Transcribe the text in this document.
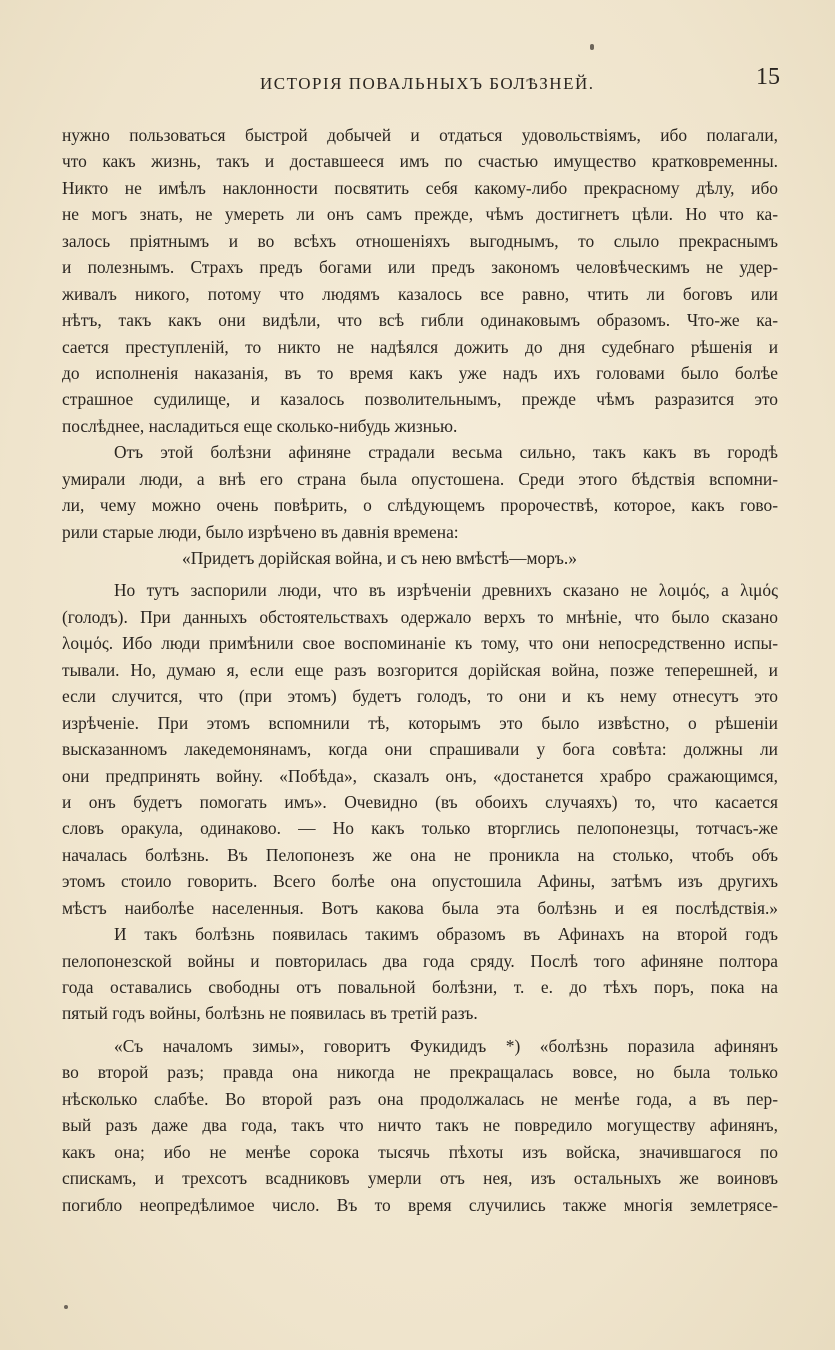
ИСТОРІЯ ПОВАЛЬНЫХЪ БОЛѢЗНЕЙ.	15
нужно пользоваться быстрой добычей и отдаться удовольствіямъ, ибо полагали,
что какъ жизнь, такъ и доставшееся имъ по счастью имущество кратковременны.
Никто не имѣлъ наклонности посвятить себя какому-либо прекрасному дѣлу, ибо
не могъ знать, не умереть ли онъ самъ прежде, чѣмъ достигнетъ цѣли. Но что ка-
залось пріятнымъ и во всѣхъ отношеніяхъ выгоднымъ, то слыло прекраснымъ
и полезнымъ. Страхъ предъ богами или предъ закономъ человѣческимъ не удер-
живалъ никого, потому что людямъ казалось все равно, чтить ли боговъ или
нѣтъ, такъ какъ они видѣли, что всѣ гибли одинаковымъ образомъ. Что-же ка-
сается преступленій, то никто не надѣялся дожить до дня судебнаго рѣшенія и
до исполненія наказанія, въ то время какъ уже надъ ихъ головами было болѣе
страшное судилище, и казалось позволительнымъ, прежде чѣмъ разразится это
послѣднее, насладиться еще сколько-нибудь жизнью.
Отъ этой болѣзни афиняне страдали весьма сильно, такъ какъ въ городѣ
умирали люди, а внѣ его страна была опустошена. Среди этого бѣдствія вспомни-
ли, чему можно очень повѣрить, о слѣдующемъ пророчествѣ, которое, какъ гово-
рили старые люди, было изрѣчено въ давнія времена:
«Придетъ дорійская война, и съ нею вмѣстѣ—моръ.»
Но тутъ заспорили люди, что въ изрѣченіи древнихъ сказано не λοιμός, а λιμός
(голодъ). При данныхъ обстоятельствахъ одержало верхъ то мнѣніе, что было сказано
λοιμός. Ибо люди примѣнили свое воспоминаніе къ тому, что они непосредственно испы-
тывали. Но, думаю я, если еще разъ возгорится дорійская война, позже теперешней, и
если случится, что (при этомъ) будетъ голодъ, то они и къ нему отнесутъ это
изрѣченіе. При этомъ вспомнили тѣ, которымъ это было извѣстно, о рѣшеніи
высказанномъ лакедемонянамъ, когда они спрашивали у бога совѣта: должны ли
они предпринять войну. «Побѣда», сказалъ онъ, «достанется храбро сражающимся,
и онъ будетъ помогать имъ». Очевидно (въ обоихъ случаяхъ) то, что касается
словъ оракула, одинаково. — Но какъ только вторглись пелопонезцы, тотчасъ-же
началась болѣзнь. Въ Пелопонезъ же она не проникла на столько, чтобъ объ
этомъ стоило говорить. Всего болѣе она опустошила Афины, затѣмъ изъ другихъ
мѣстъ наиболѣе населенныя. Вотъ какова была эта болѣзнь и ея послѣдствія.»
И такъ болѣзнь появилась такимъ образомъ въ Афинахъ на второй годъ
пелопонезской войны и повторилась два года сряду. Послѣ того афиняне полтора
года оставались свободны отъ повальной болѣзни, т. е. до тѣхъ поръ, пока на
пятый годъ войны, болѣзнь не появилась въ третій разъ.
«Съ началомъ зимы», говоритъ Фукидидъ *) «болѣзнь поразила афинянъ
во второй разъ; правда она никогда не прекращалась вовсе, но была только
нѣсколько слабѣе. Во второй разъ она продолжалась не менѣе года, а въ пер-
вый разъ даже два года, такъ что ничто такъ не повредило могуществу афинянъ,
какъ она; ибо не менѣе сорока тысячь пѣхоты изъ войска, значившагося по
спискамъ, и трехсотъ всадниковъ умерли отъ нея, изъ остальныхъ же воиновъ
погибло неопредѣлимое число. Въ то время случились также многія землетрясе-
